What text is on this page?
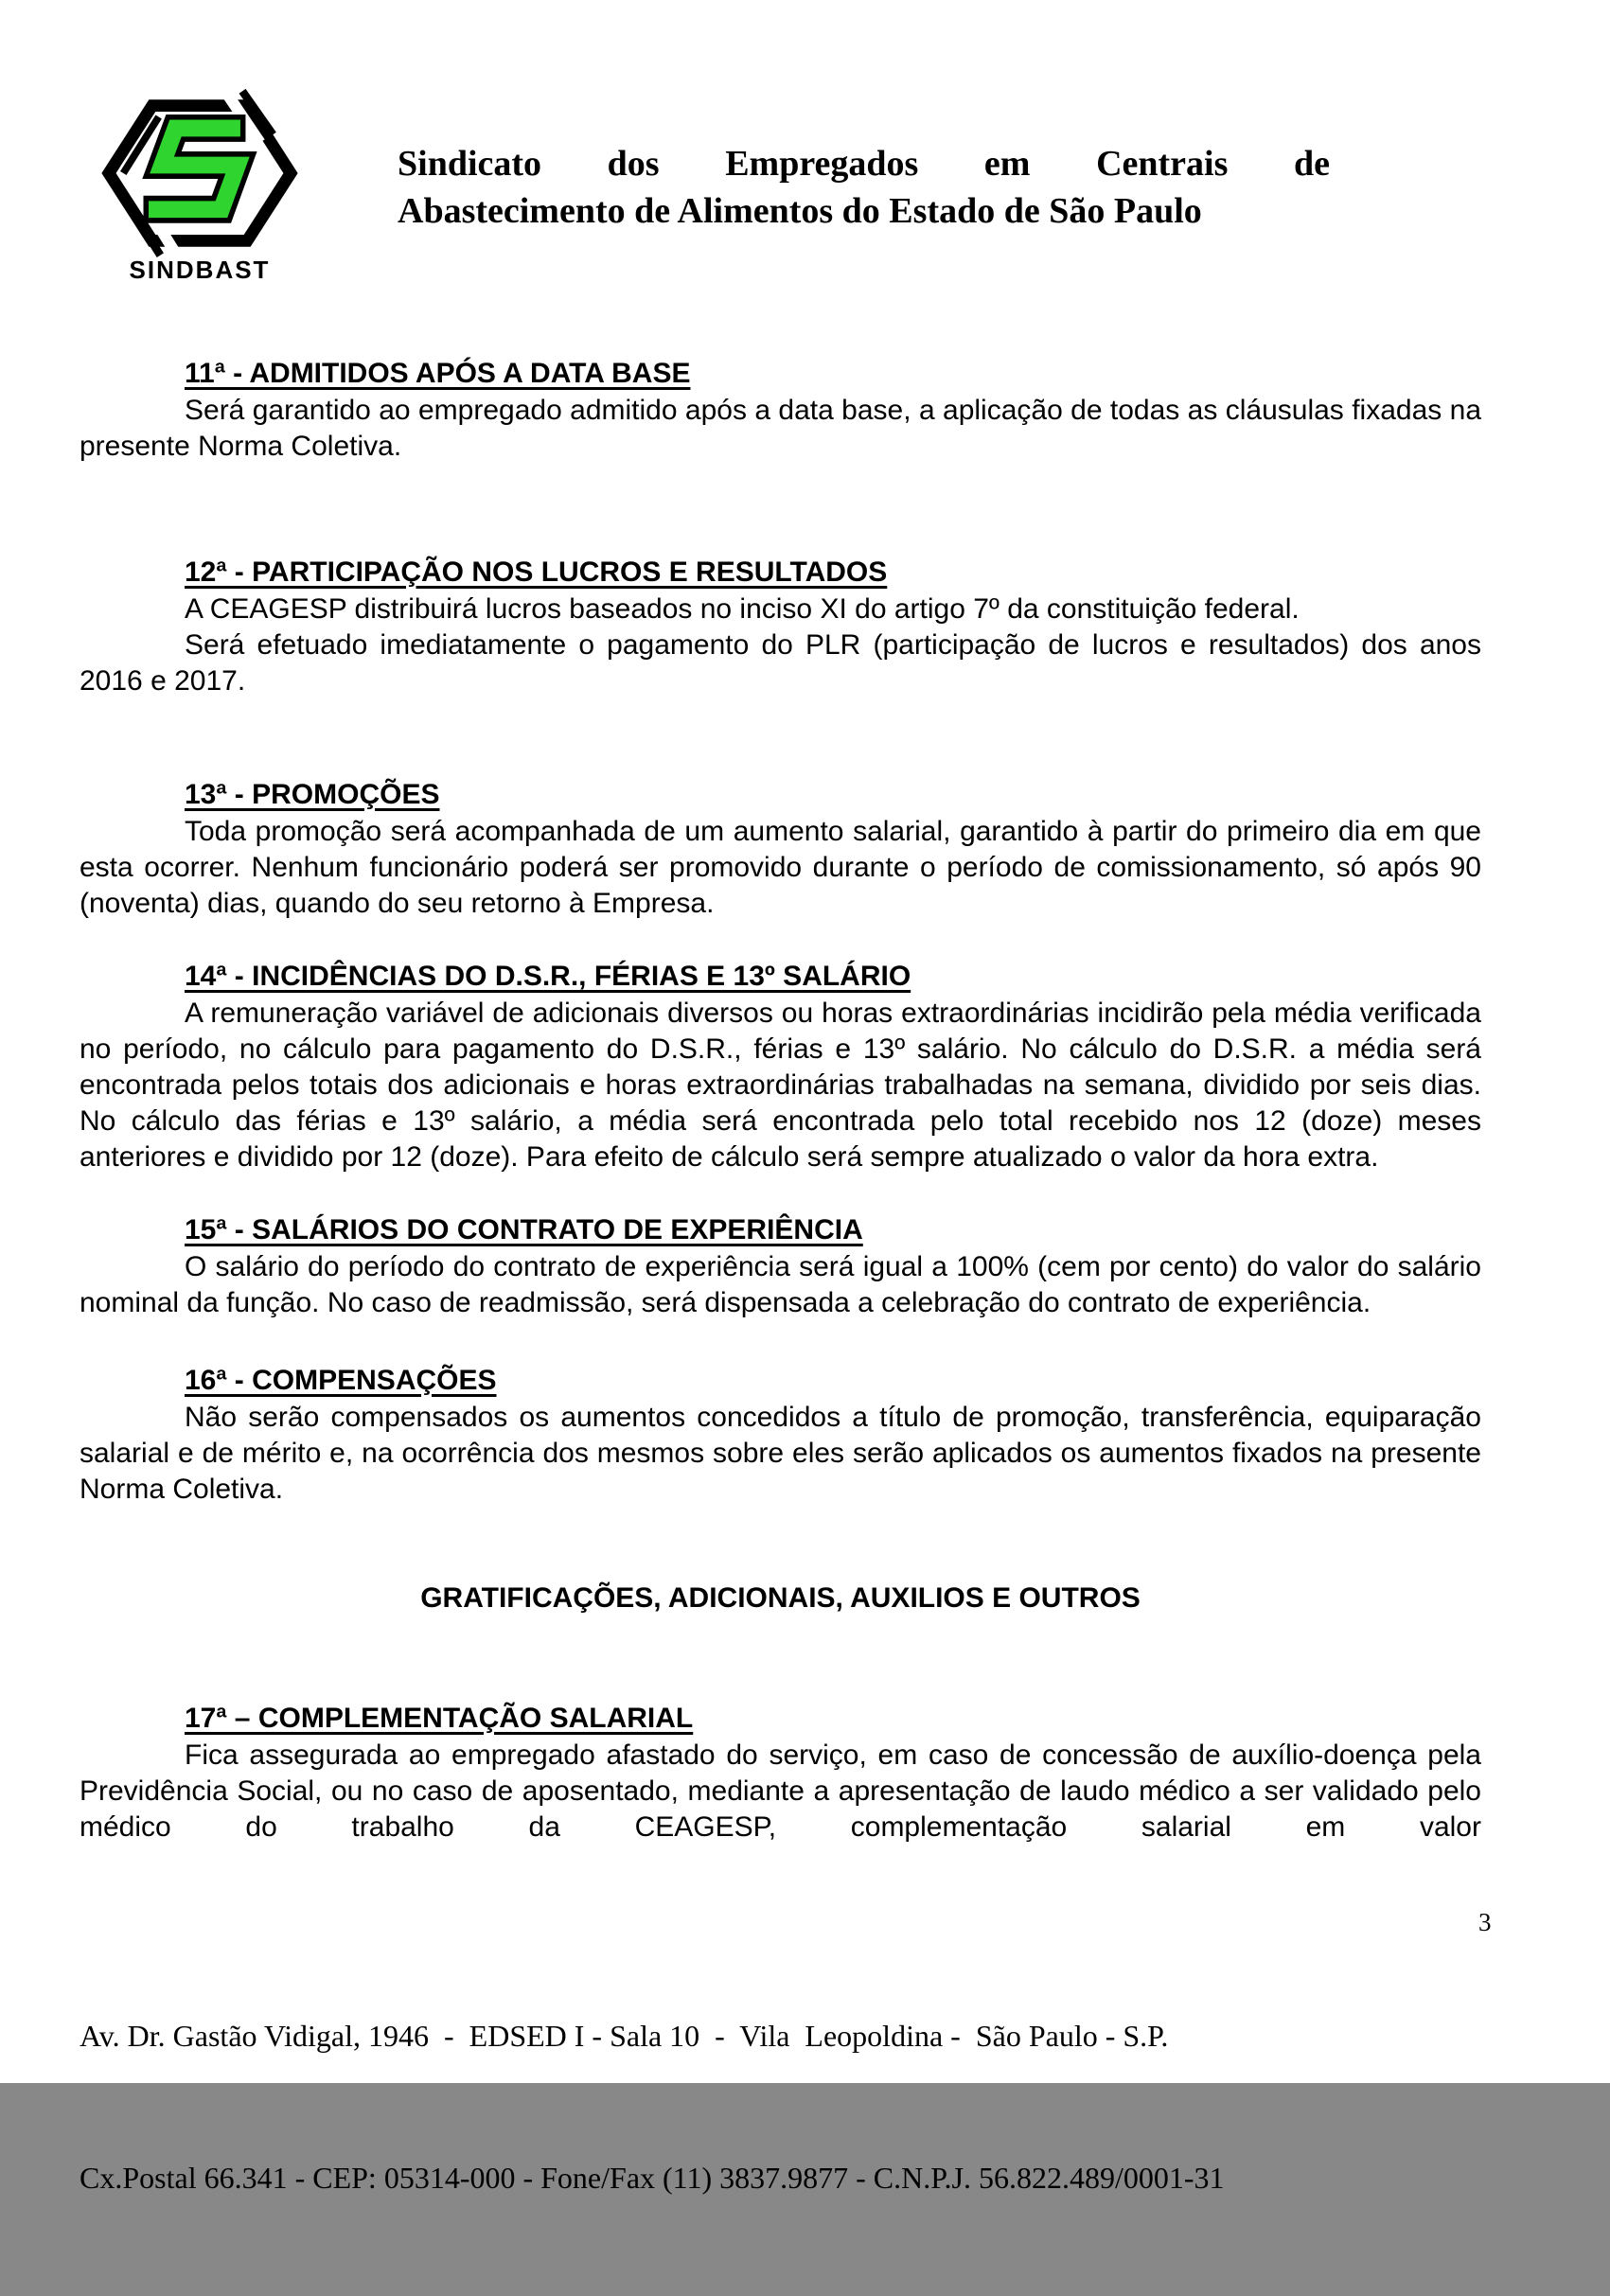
SINDBAST
Sindicato dos Empregados em Centrais de
Abastecimento de Alimentos do Estado de São Paulo
11ª - ADMITIDOS APÓS A DATA BASE

Será garantido ao empregado admitido após a data base, a aplicação de todas as cláusulas fixadas na presente Norma Coletiva.

12ª - PARTICIPAÇÃO NOS LUCROS E RESULTADOS

A CEAGESP distribuirá lucros baseados no inciso XI do artigo 7º da constituição federal.

Será efetuado imediatamente o pagamento do PLR (participação de lucros e resultados) dos anos 2016 e 2017.

13ª - PROMOÇÕES

Toda promoção será acompanhada de um aumento salarial, garantido à partir do primeiro dia em que esta ocorrer. Nenhum funcionário poderá ser promovido durante o período de comissionamento, só após 90 (noventa) dias, quando do seu retorno à Empresa.

14ª - INCIDÊNCIAS DO D.S.R., FÉRIAS E 13º SALÁRIO

A remuneração variável de adicionais diversos ou horas extraordinárias incidirão pela média verificada no período, no cálculo para pagamento do D.S.R., férias e 13º salário. No cálculo do D.S.R. a média será encontrada pelos totais dos adicionais e horas extraordinárias trabalhadas na semana, dividido por seis dias. No cálculo das férias e 13º salário, a média será encontrada pelo total recebido nos 12 (doze) meses anteriores e dividido por 12 (doze). Para efeito de cálculo será sempre atualizado o valor da hora extra.

15ª - SALÁRIOS DO CONTRATO DE EXPERIÊNCIA

O salário do período do contrato de experiência será igual a 100% (cem por cento) do valor do salário nominal da função. No caso de readmissão, será dispensada a celebração do contrato de experiência.

16ª - COMPENSAÇÕES

Não serão compensados os aumentos concedidos a título de promoção, transferência, equiparação salarial e de mérito e, na ocorrência dos mesmos sobre eles serão aplicados os aumentos fixados na presente Norma Coletiva.

GRATIFICAÇÕES, ADICIONAIS, AUXILIOS E OUTROS
17ª – COMPLEMENTAÇÃO SALARIAL

Fica assegurada ao empregado afastado do serviço, em caso de concessão de auxílio-doença pela Previdência Social, ou no caso de aposentado, mediante a apresentação de laudo médico a ser validado pelo médico do trabalho da CEAGESP, complementação salarial em valor

Av. Dr. Gastão Vidigal, 1946  -  EDSED I - Sala 10  -  Vila  Leopoldina -  São Paulo - S.P.

Cx.Postal 66.341 - CEP: 05314-000 - Fone/Fax (11) 3837.9877 - C.N.P.J. 56.822.489/0001-31

3
